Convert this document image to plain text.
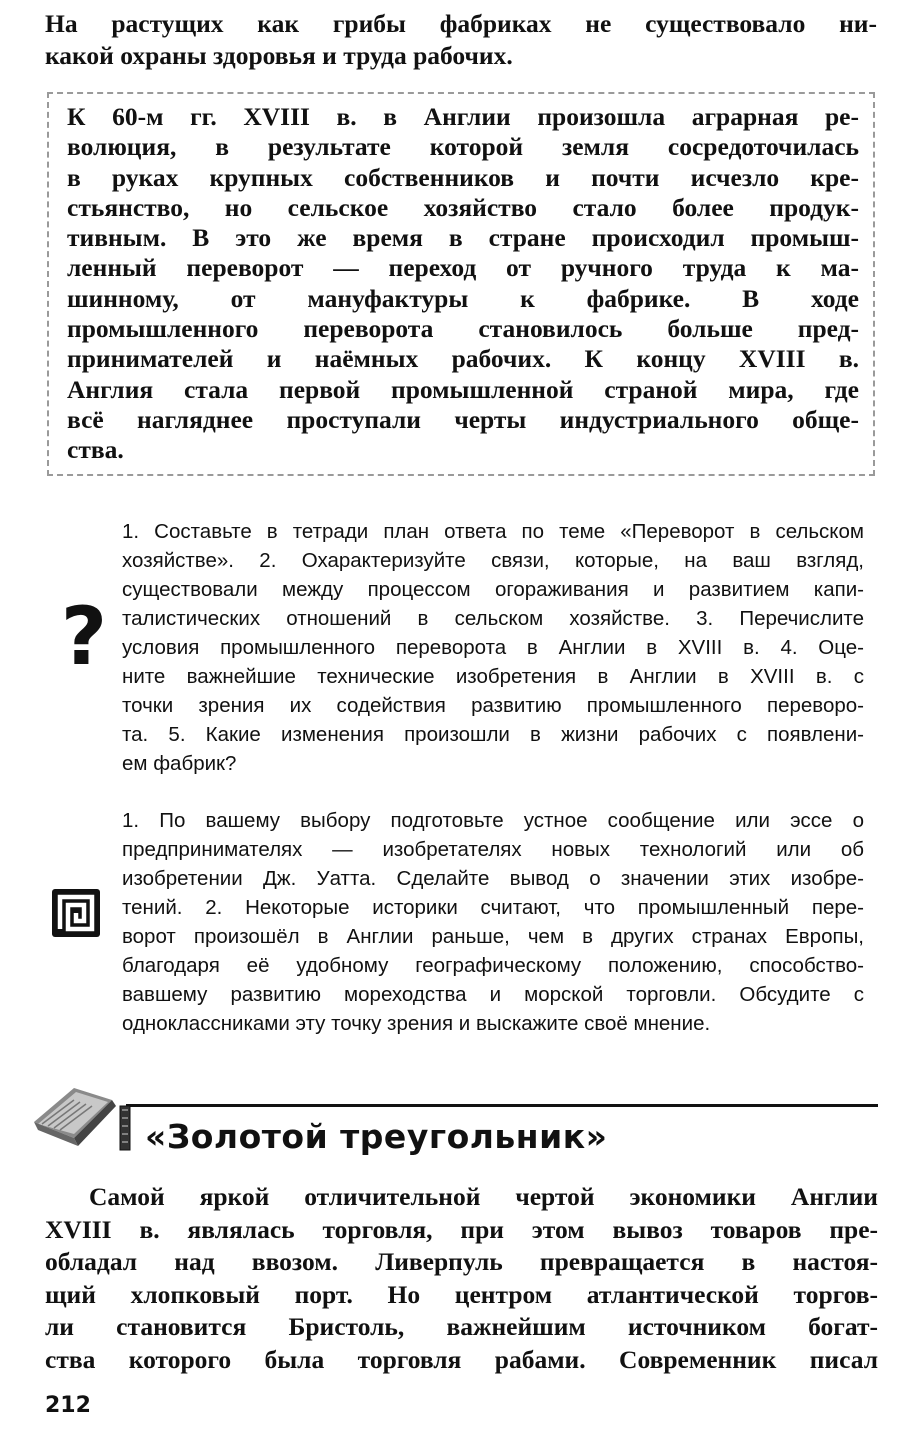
На растущих как грибы фабриках не существовало ни-
какой охраны здоровья и труда рабочих.
К 60-м гг. XVIII в. в Англии произошла аграрная ре-
волюция, в результате которой земля сосредоточилась
в руках крупных собственников и почти исчезло кре-
стьянство, но сельское хозяйство стало более продук-
тивным. В это же время в стране происходил промыш-
ленный переворот — переход от ручного труда к ма-
шинному, от мануфактуры к фабрике. В ходе
промышленного переворота становилось больше пред-
принимателей и наёмных рабочих. К концу XVIII в.
Англия стала первой промышленной страной мира, где
всё нагляднее проступали черты индустриального обще-
ства.
?
1. Составьте в тетради план ответа по теме «Переворот в сельском
хозяйстве». 2. Охарактеризуйте связи, которые, на ваш взгляд,
существовали между процессом огораживания и развитием капи-
талистических отношений в сельском хозяйстве. 3. Перечислите
условия промышленного переворота в Англии в XVIII в. 4. Оце-
ните важнейшие технические изобретения в Англии в XVIII в. с
точки зрения их содействия развитию промышленного переворо-
та. 5. Какие изменения произошли в жизни рабочих с появлени-
ем фабрик?
1. По вашему выбору подготовьте устное сообщение или эссе о
предпринимателях — изобретателях новых технологий или об
изобретении Дж. Уатта. Сделайте вывод о значении этих изобре-
тений. 2. Некоторые историки считают, что промышленный пере-
ворот произошёл в Англии раньше, чем в других странах Европы,
благодаря её удобному географическому положению, способство-
вавшему развитию мореходства и морской торговли. Обсудите с
одноклассниками эту точку зрения и выскажите своё мнение.
«Золотой треугольник»
Самой яркой отличительной чертой экономики Англии
XVIII в. являлась торговля, при этом вывоз товаров пре-
обладал над ввозом. Ливерпуль превращается в настоя-
щий хлопковый порт. Но центром атлантической торгов-
ли становится Бристоль, важнейшим источником богат-
ства которого была торговля рабами. Современник писал
212
